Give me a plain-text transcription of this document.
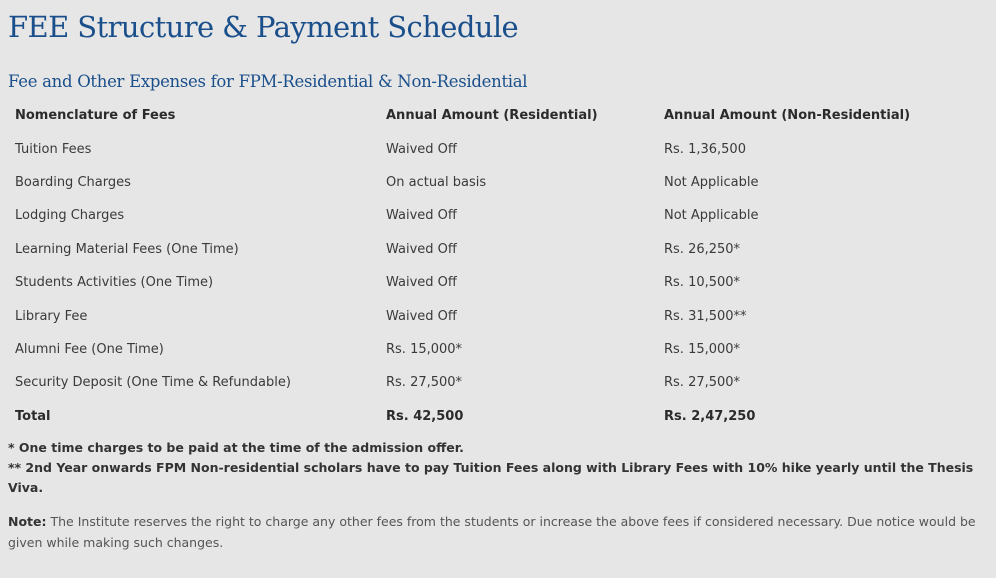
FEE Structure & Payment Schedule
Fee and Other Expenses for FPM-Residential & Non-Residential
Nomenclature of Fees	Annual Amount (Residential)	Annual Amount (Non-Residential)
Tuition Fees	Waived Off	Rs. 1,36,500
Boarding Charges	On actual basis	Not Applicable
Lodging Charges	Waived Off	Not Applicable
Learning Material Fees (One Time)	Waived Off	Rs. 26,250*
Students Activities (One Time)	Waived Off	Rs. 10,500*
Library Fee	Waived Off	Rs. 31,500**
Alumni Fee (One Time)	Rs. 15,000*	Rs. 15,000*
Security Deposit (One Time & Refundable)	Rs. 27,500*	Rs. 27,500*
Total	Rs. 42,500	Rs. 2,47,250
* One time charges to be paid at the time of the admission offer.
** 2nd Year onwards FPM Non-residential scholars have to pay Tuition Fees along with Library Fees with 10% hike yearly until the Thesis Viva.
Note: The Institute reserves the right to charge any other fees from the students or increase the above fees if considered necessary. Due notice would be given while making such changes.
